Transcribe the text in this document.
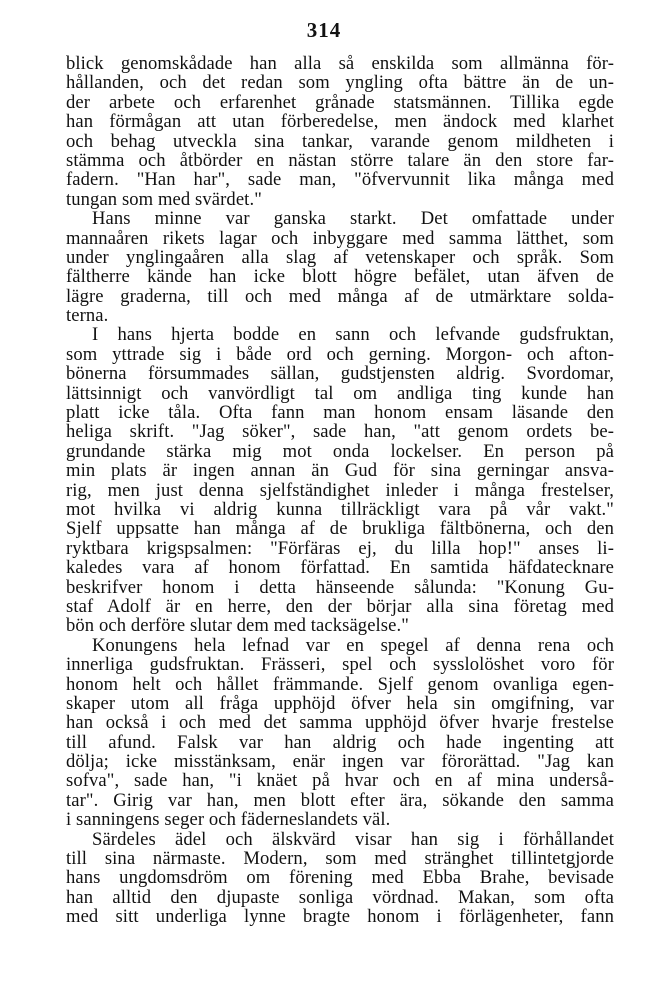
314
blick genomskådade han alla så enskilda som allmänna för-
hållanden, och det redan som yngling ofta bättre än de un-
der arbete och erfarenhet grånade statsmännen. Tillika egde
han förmågan att utan förberedelse, men ändock med klarhet
och behag utveckla sina tankar, varande genom mildheten i
stämma och åtbörder en nästan större talare än den store far-
fadern. "Han har", sade man, "öfvervunnit lika många med
tungan som med svärdet."
Hans minne var ganska starkt. Det omfattade under
mannaåren rikets lagar och inbyggare med samma lätthet, som
under ynglingaåren alla slag af vetenskaper och språk. Som
fältherre kände han icke blott högre befälet, utan äfven de
lägre graderna, till och med många af de utmärktare solda-
terna.
I hans hjerta bodde en sann och lefvande gudsfruktan,
som yttrade sig i både ord och gerning. Morgon- och afton-
bönerna försummades sällan, gudstjensten aldrig. Svordomar,
lättsinnigt och vanvördligt tal om andliga ting kunde han
platt icke tåla. Ofta fann man honom ensam läsande den
heliga skrift. "Jag söker", sade han, "att genom ordets be-
grundande stärka mig mot onda lockelser. En person på
min plats är ingen annan än Gud för sina gerningar ansva-
rig, men just denna sjelfständighet inleder i många frestelser,
mot hvilka vi aldrig kunna tillräckligt vara på vår vakt."
Sjelf uppsatte han många af de brukliga fältbönerna, och den
ryktbara krigspsalmen: "Förfäras ej, du lilla hop!" anses li-
kaledes vara af honom författad. En samtida häfdatecknare
beskrifver honom i detta hänseende sålunda: "Konung Gu-
staf Adolf är en herre, den der börjar alla sina företag med
bön och derföre slutar dem med tacksägelse."
Konungens hela lefnad var en spegel af denna rena och
innerliga gudsfruktan. Frässeri, spel och sysslolöshet voro för
honom helt och hållet främmande. Sjelf genom ovanliga egen-
skaper utom all fråga upphöjd öfver hela sin omgifning, var
han också i och med det samma upphöjd öfver hvarje frestelse
till afund. Falsk var han aldrig och hade ingenting att
dölja; icke misstänksam, enär ingen var förorättad. "Jag kan
sofva", sade han, "i knäet på hvar och en af mina underså-
tar". Girig var han, men blott efter ära, sökande den samma
i sanningens seger och fäderneslandets väl.
Särdeles ädel och älskvärd visar han sig i förhållandet
till sina närmaste. Modern, som med stränghet tillintetgjorde
hans ungdomsdröm om förening med Ebba Brahe, bevisade
han alltid den djupaste sonliga vördnad. Makan, som ofta
med sitt underliga lynne bragte honom i förlägenheter, fann
